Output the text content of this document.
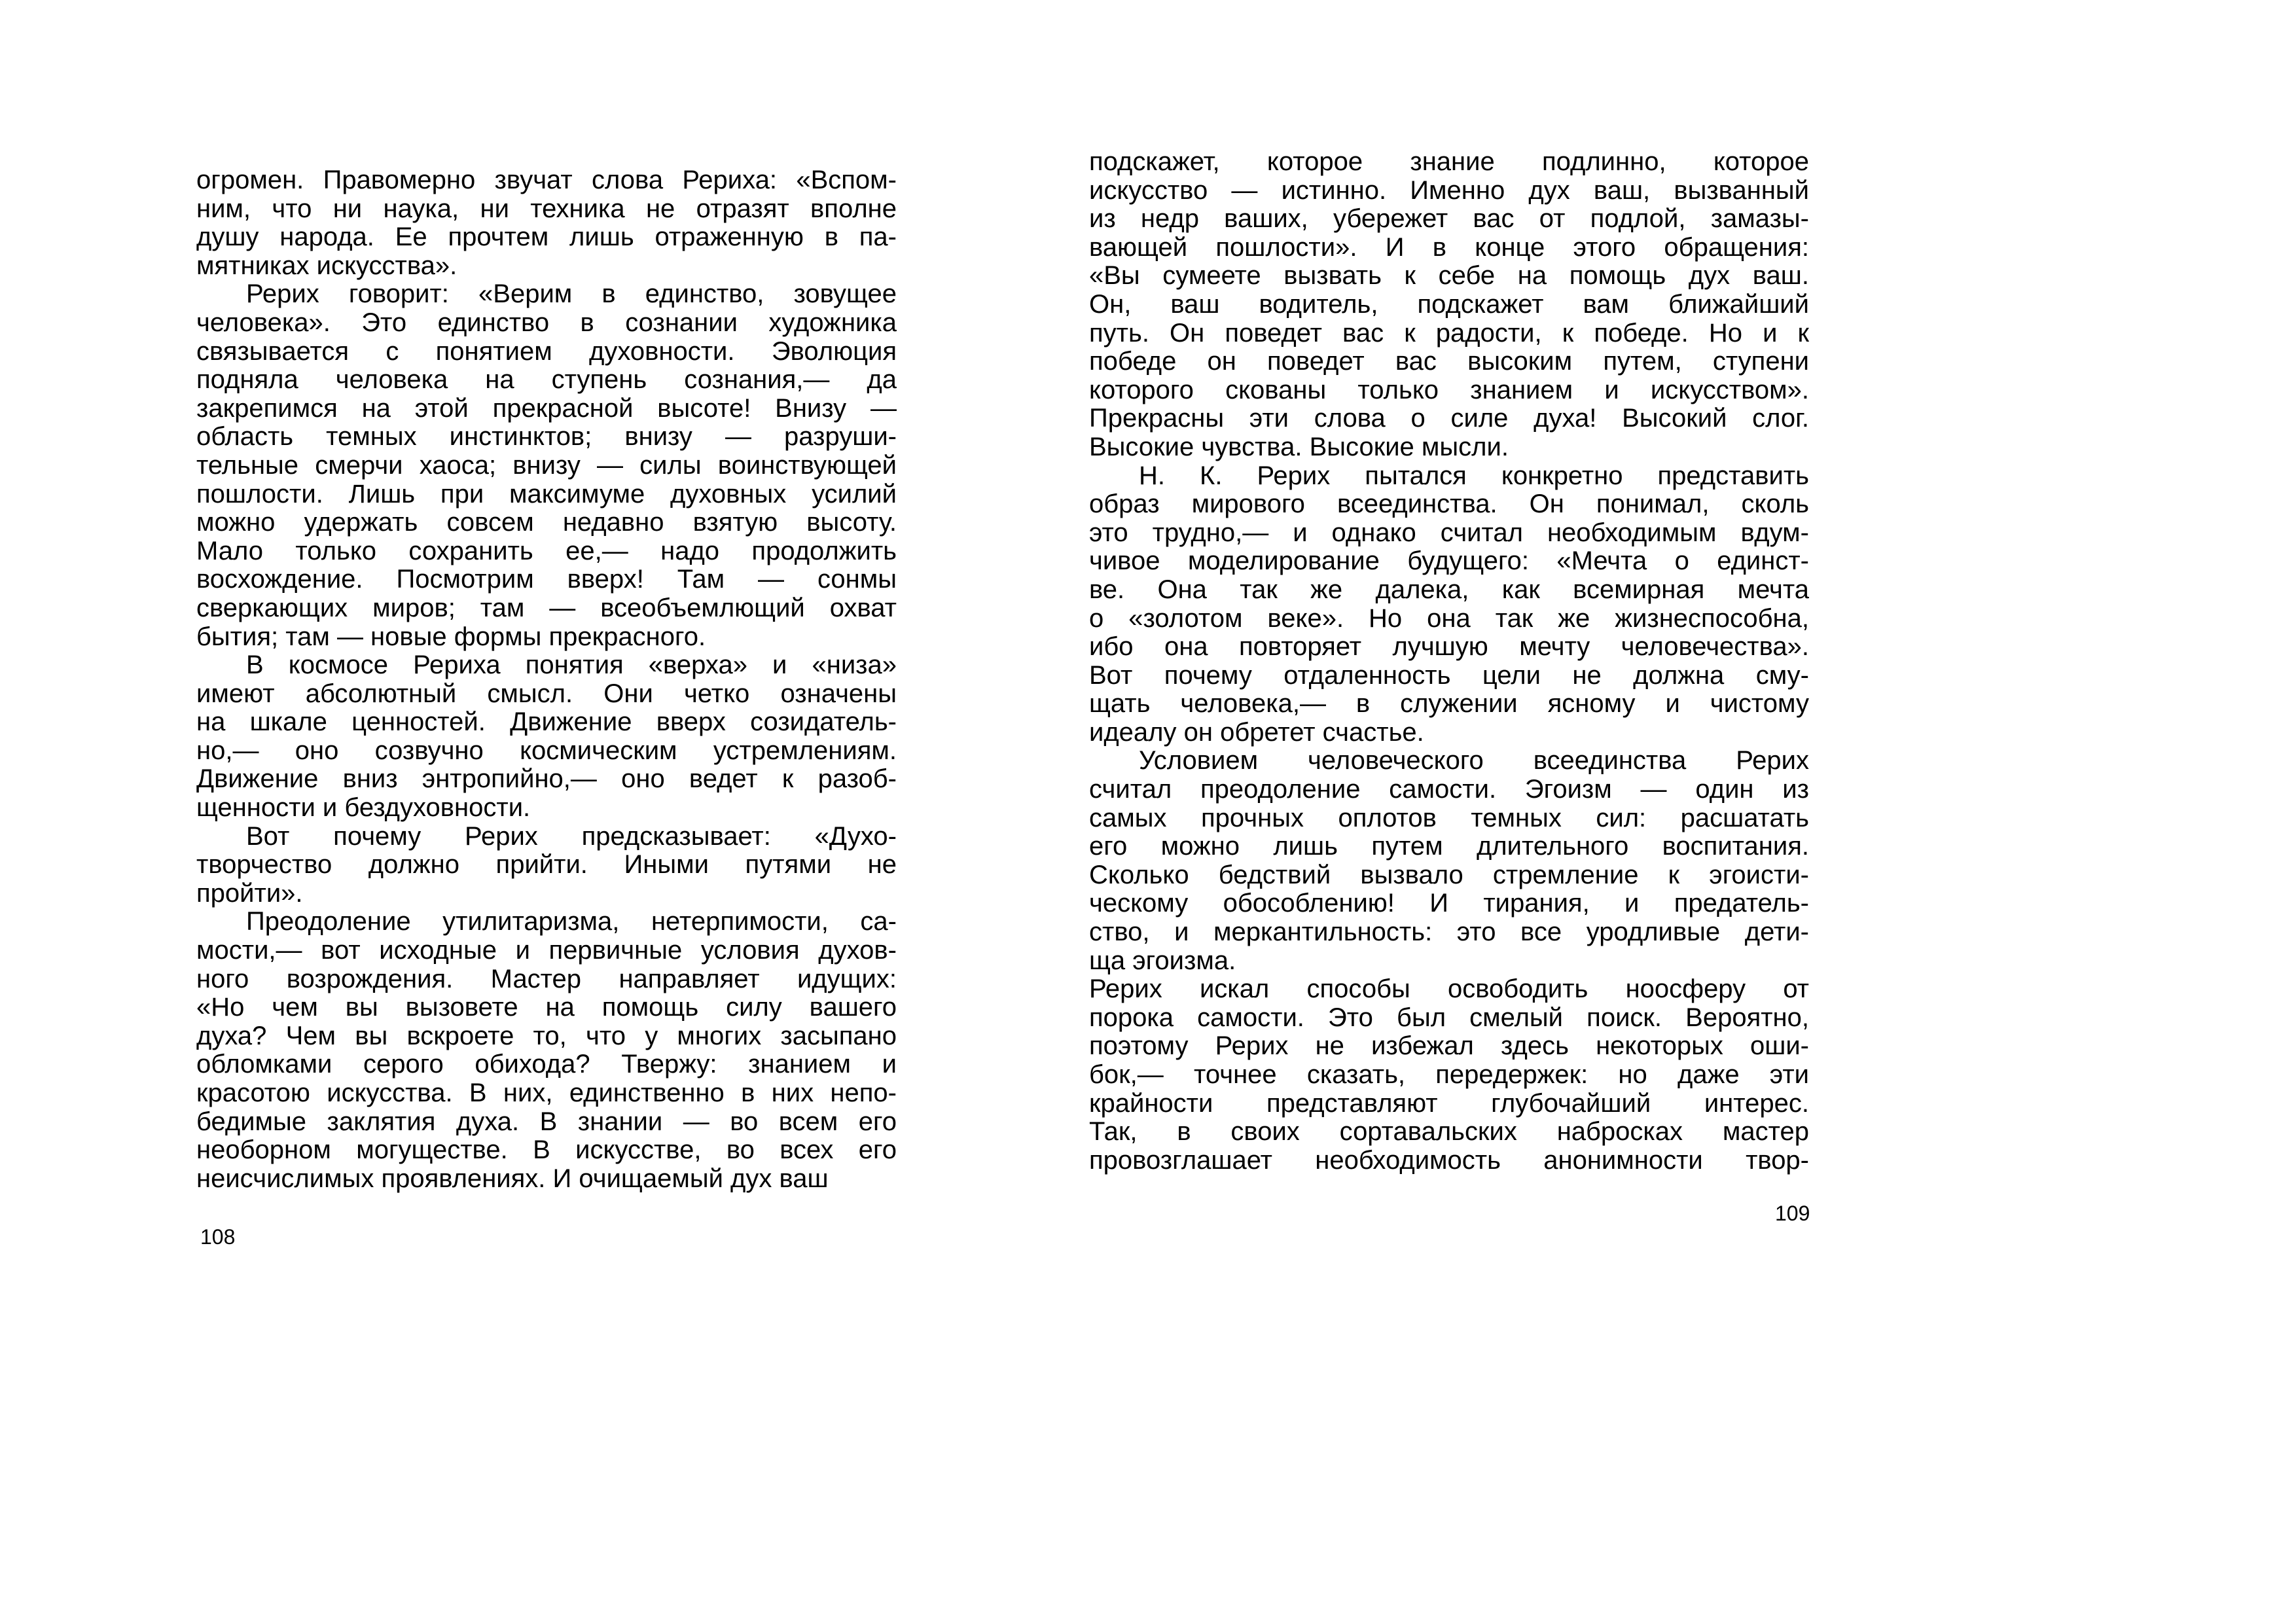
огромен. Правомерно звучат слова Рериха: «Вспом-
ним, что ни наука, ни техника не отразят вполне
душу народа. Ее прочтем лишь отраженную в па-
мятниках искусства».
Рерих говорит: «Верим в единство, зовущее
человека». Это единство в сознании художника
связывается с понятием духовности. Эволюция
подняла человека на ступень сознания,— да
закрепимся на этой прекрасной высоте! Внизу —
область темных инстинктов; внизу — разруши-
тельные смерчи хаоса; внизу — силы воинствующей
пошлости. Лишь при максимуме духовных усилий
можно удержать совсем недавно взятую высоту.
Мало только сохранить ее,— надо продолжить
восхождение. Посмотрим вверх! Там — сонмы
сверкающих миров; там — всеобъемлющий охват
бытия; там — новые формы прекрасного.
В космосе Рериха понятия «верха» и «низа»
имеют абсолютный смысл. Они четко означены
на шкале ценностей. Движение вверх созидатель-
но,— оно созвучно космическим устремлениям.
Движение вниз энтропийно,— оно ведет к разоб-
щенности и бездуховности.
Вот почему Рерих предсказывает: «Духо-
творчество должно прийти. Иными путями не
пройти».
Преодоление утилитаризма, нетерпимости, са-
мости,— вот исходные и первичные условия духов-
ного возрождения. Мастер направляет идущих:
«Но чем вы вызовете на помощь силу вашего
духа? Чем вы вскроете то, что у многих засыпано
обломками серого обихода? Твержу: знанием и
красотою искусства. В них, единственно в них непо-
бедимые заклятия духа. В знании — во всем его
необорном могуществе. В искусстве, во всех его
неисчислимых проявлениях. И очищаемый дух ваш
108
подскажет, которое знание подлинно, которое
искусство — истинно. Именно дух ваш, вызванный
из недр ваших, убережет вас от подлой, замазы-
вающей пошлости». И в конце этого обращения:
«Вы сумеете вызвать к себе на помощь дух ваш.
Он, ваш водитель, подскажет вам ближайший
путь. Он поведет вас к радости, к победе. Но и к
победе он поведет вас высоким путем, ступени
которого скованы только знанием и искусством».
Прекрасны эти слова о силе духа! Высокий слог.
Высокие чувства. Высокие мысли.
Н. К. Рерих пытался конкретно представить
образ мирового всеединства. Он понимал, сколь
это трудно,— и однако считал необходимым вдум-
чивое моделирование будущего: «Мечта о единст-
ве. Она так же далека, как всемирная мечта
о «золотом веке». Но она так же жизнеспособна,
ибо она повторяет лучшую мечту человечества».
Вот почему отдаленность цели не должна сму-
щать человека,— в служении ясному и чистому
идеалу он обретет счастье.
Условием человеческого всеединства Рерих
считал преодоление самости. Эгоизм — один из
самых прочных оплотов темных сил: расшатать
его можно лишь путем длительного воспитания.
Сколько бедствий вызвало стремление к эгоисти-
ческому обособлению! И тирания, и предатель-
ство, и меркантильность: это все уродливые дети-
ща эгоизма.
Рерих искал способы освободить ноосферу от
порока самости. Это был смелый поиск. Вероятно,
поэтому Рерих не избежал здесь некоторых оши-
бок,— точнее сказать, передержек: но даже эти
крайности представляют глубочайший интерес.
Так, в своих сортавальских набросках мастер
провозглашает необходимость анонимности твор-
109
